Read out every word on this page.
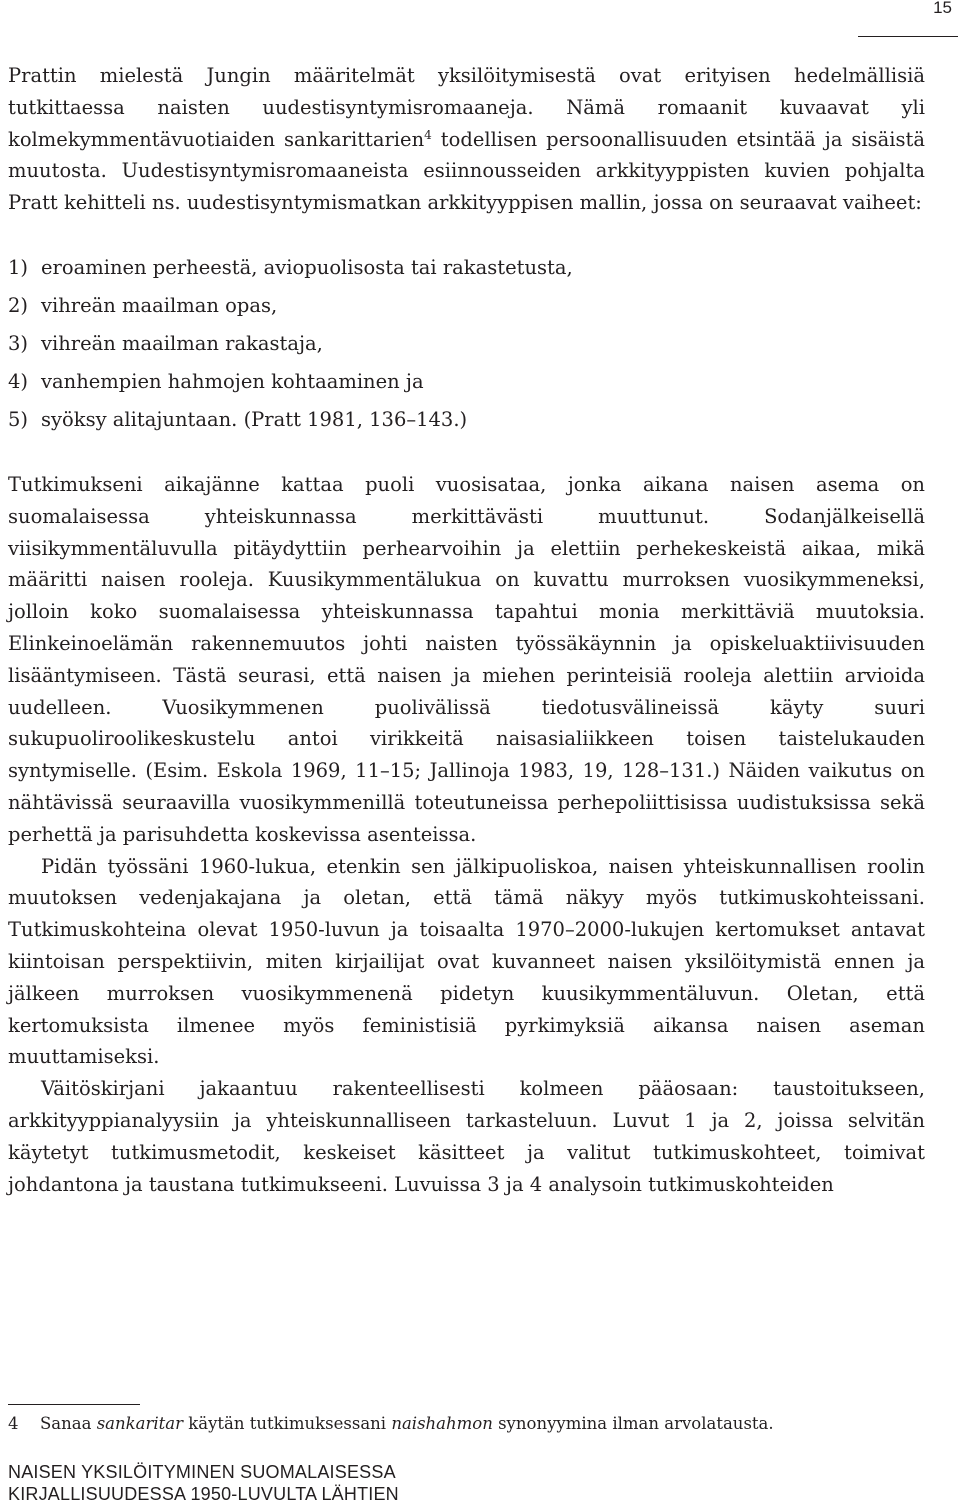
15

Prattin mielestä Jungin määritelmät yksilöitymisestä ovat erityisen hedelmällisiä tutkittaessa naisten uudestisyntymisromaaneja. Nämä romaanit kuvaavat yli kolmekymmentävuotiaiden sankarittarien$^4$ todellisen persoonallisuuden etsintää ja sisäistä muutosta. Uudestisyntymisromaaneista esiinnousseiden arkkityyppisten kuvien pohjalta Pratt kehitteli ns. uudestisyntymismatkan arkkityyppisen mallin, jossa on seuraavat vaiheet:

1) eroaminen perheestä, aviopuolisosta tai rakastetusta,
2) vihreän maailman opas,
3) vihreän maailman rakastaja,
4) vanhempien hahmojen kohtaaminen ja
5) syöksy alitajuntaan. (Pratt 1981, 136–143.)

Tutkimukseni aikajänne kattaa puoli vuosisataa, jonka aikana naisen asema on suomalaisessa yhteiskunnassa merkittävästi muuttunut. Sodanjälkeisellä viisikymmentäluvulla pitäydyttiin perhearvoihin ja elettiin perhekeskeistä aikaa, mikä määritti naisen rooleja. Kuusikymmentälukua on kuvattu murroksen vuosikymmeneksi, jolloin koko suomalaisessa yhteiskunnassa tapahtui monia merkittäviä muutoksia. Elinkeinoelämän rakennemuutos johti naisten työssäkäynnin ja opiskeluaktiivisuuden lisääntymiseen. Tästä seurasi, että naisen ja miehen perinteisiä rooleja alettiin arvioida uudelleen. Vuosikymmenen puolivälissä tiedotusvälineissä käyty suuri sukupuoliroolikeskustelu antoi virikkeitä naisasialiikkeen toisen taistelukauden syntymiselle. (Esim. Eskola 1969, 11–15; Jallinoja 1983, 19, 128–131.) Näiden vaikutus on nähtävissä seuraavilla vuosikymmenillä toteutuneissa perhepoliittisissa uudistuksissa sekä perhettä ja parisuhdetta koskevissa asenteissa.

Pidän työssäni 1960-lukua, etenkin sen jälkipuoliskoa, naisen yhteiskunnallisen roolin muutoksen vedenjakajana ja oletan, että tämä näkyy myös tutkimuskohteissani. Tutkimuskohteina olevat 1950-luvun ja toisaalta 1970–2000-lukujen kertomukset antavat kiintoisan perspektiivin, miten kirjailijat ovat kuvanneet naisen yksilöitymistä ennen ja jälkeen murroksen vuosikymmenenä pidetyn kuusikymmentäluvun. Oletan, että kertomuksista ilmenee myös feministisiä pyrkimyksiä aikansa naisen aseman muuttamiseksi.

Väitöskirjani jakaantuu rakenteellisesti kolmeen pääosaan: taustoitukseen, arkkityyppianalyysiin ja yhteiskunnalliseen tarkasteluun. Luvut 1 ja 2, joissa selvitän käytetyt tutkimusmetodit, keskeiset käsitteet ja valitut tutkimuskohteet, toimivat johdantona ja taustana tutkimukseeni. Luvuissa 3 ja 4 analysoin tutkimuskohteiden

4 Sanaa sankaritar käytän tutkimuksessani naishahmon synonyymina ilman arvolatausta.
NAISEN YKSILÖITYMINEN SUOMALAISESSA
KIRJALLISUUDESSA 1950-LUVULTA LÄHTIEN
